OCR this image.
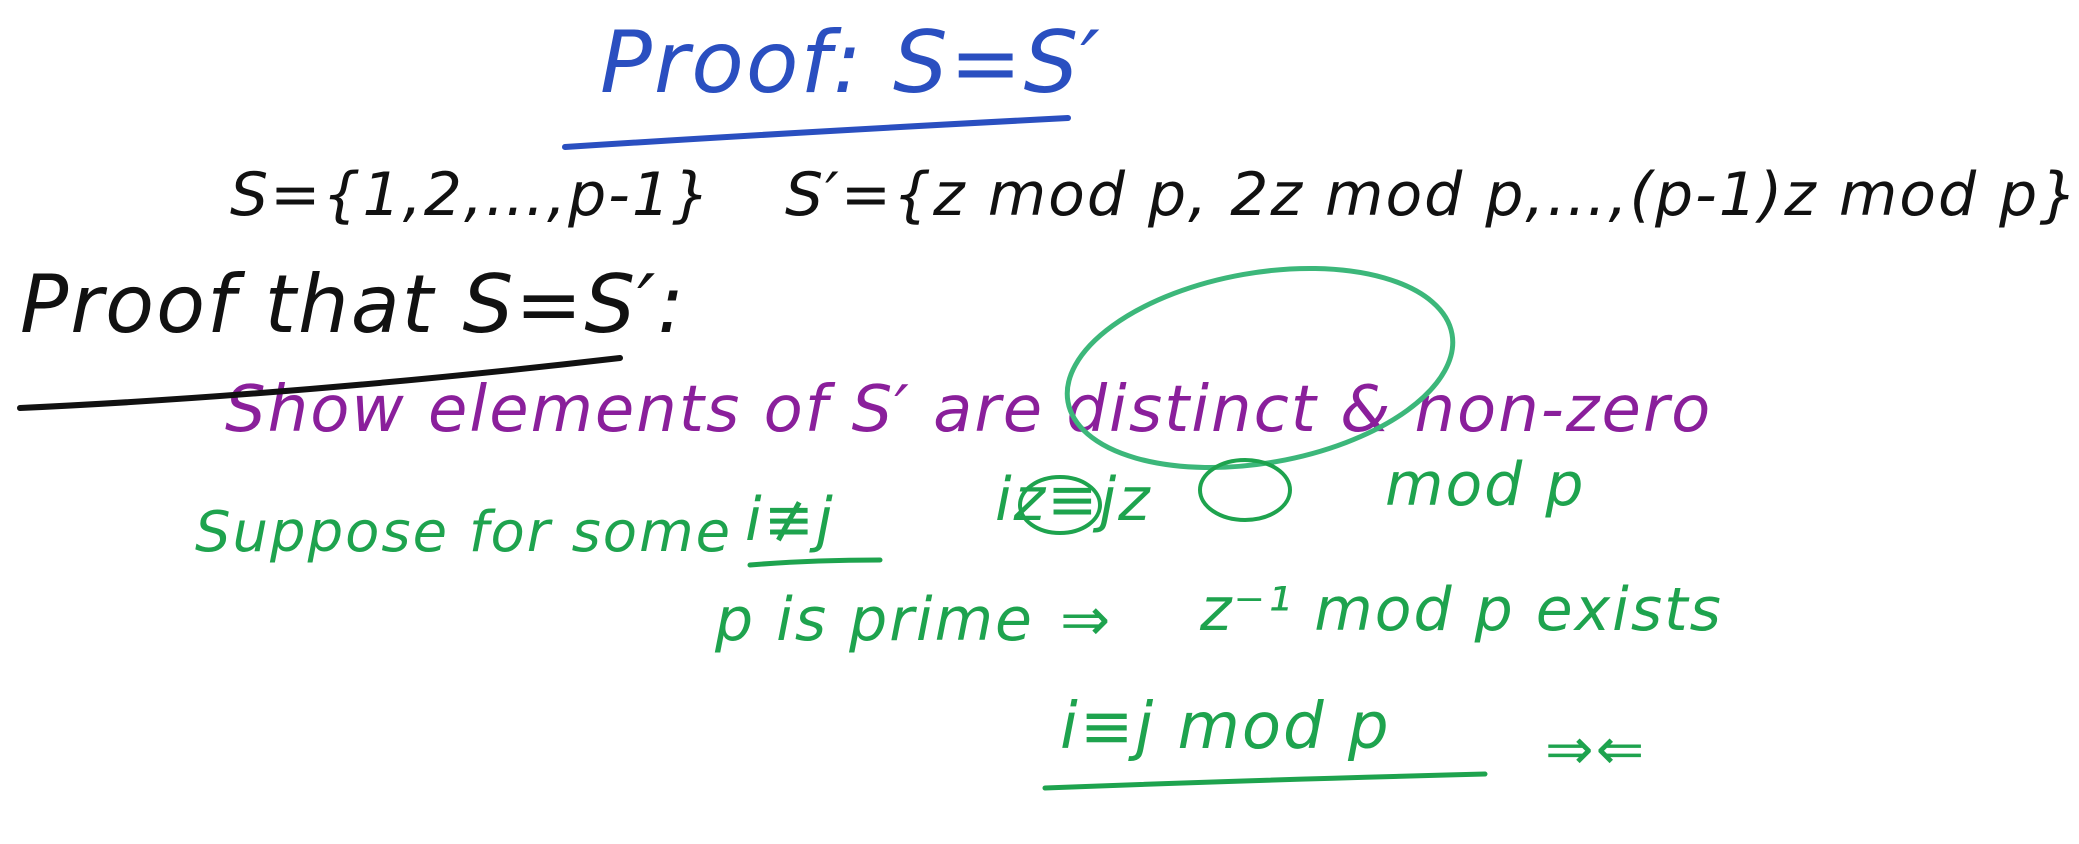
Proof: S=S′
S={1,2,…,p-1} S′={z mod p, 2z mod p,…,(p-1)z mod p}
Proof that S=S′:
Show elements of S′ are distinct & non-zero
Suppose for some i≢j	iz≡jz	mod p
p is prime ⇒ z⁻¹ mod p exists
i≡j mod p	⇒⇐
